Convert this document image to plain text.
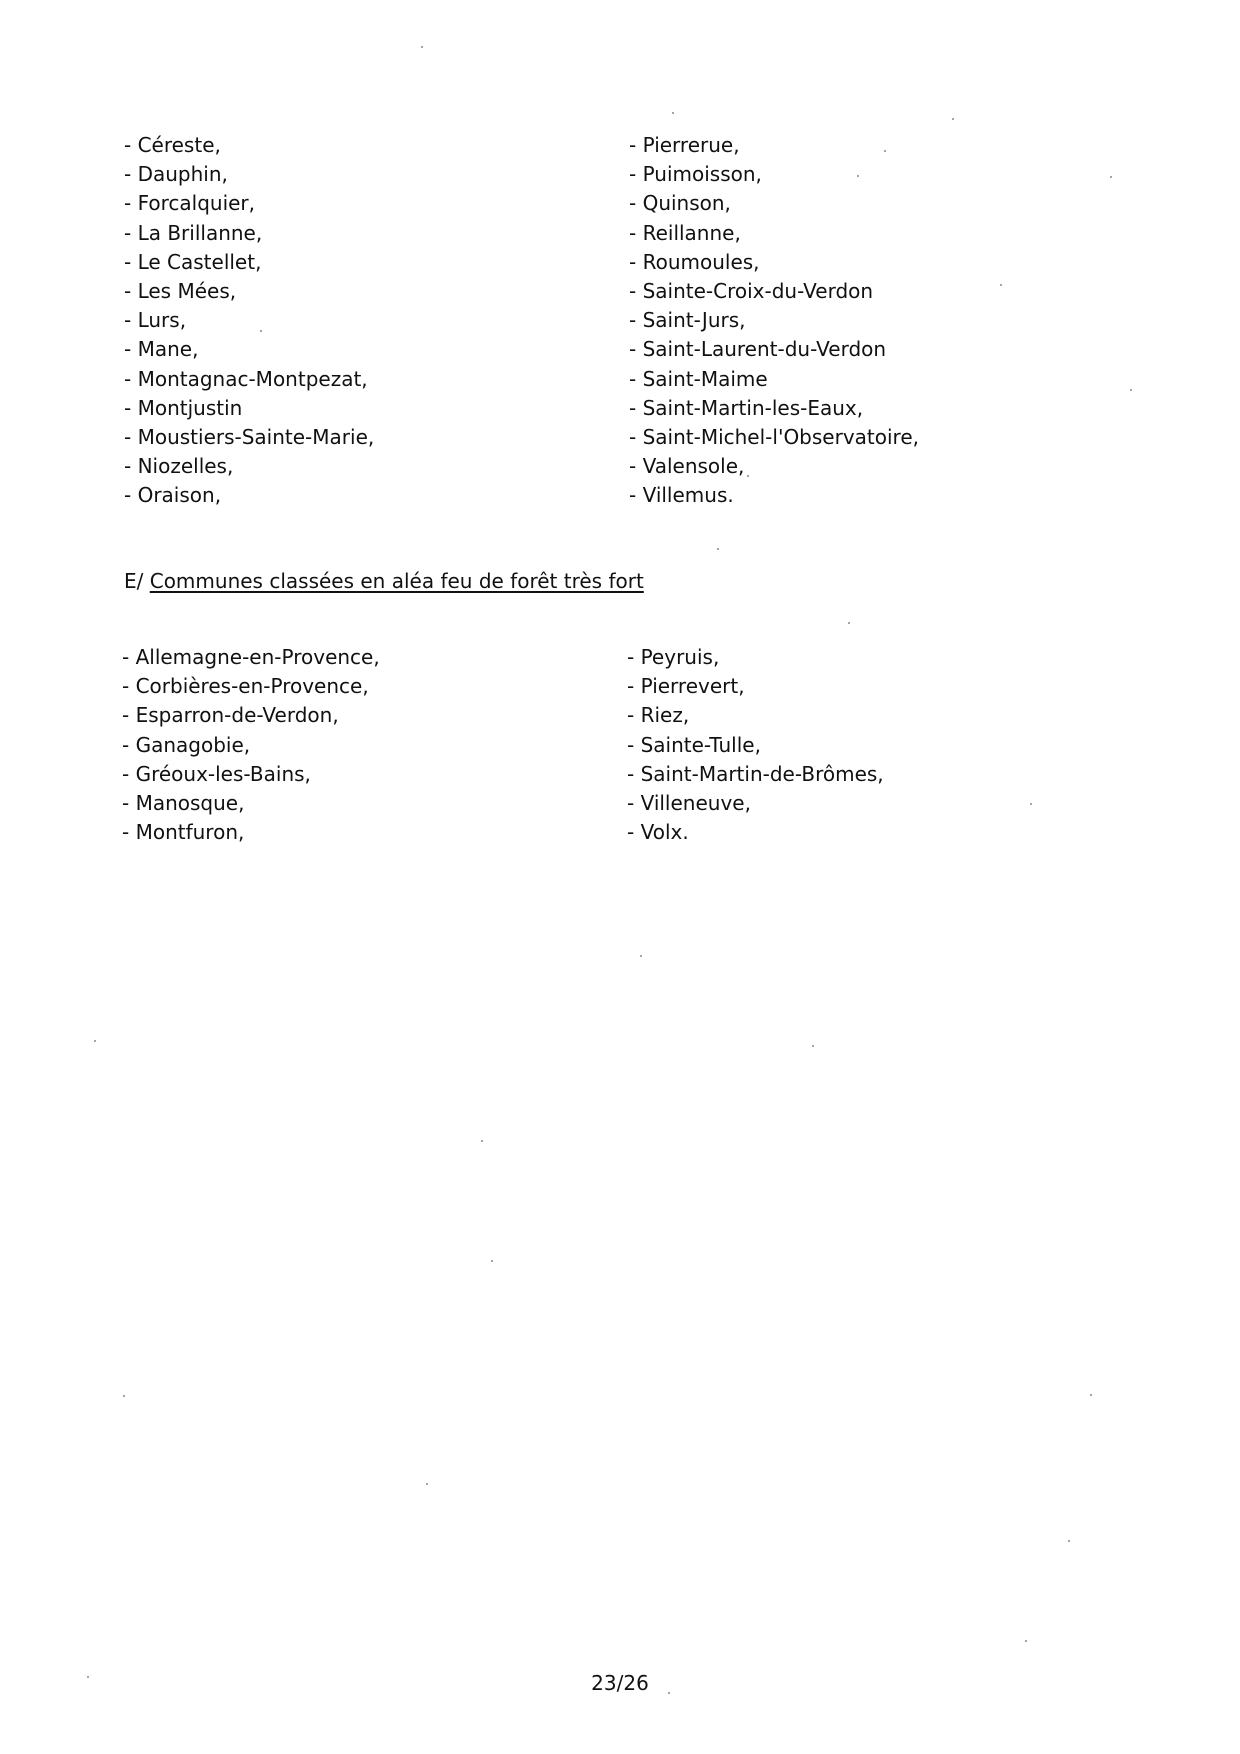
- Céreste,
- Dauphin,
- Forcalquier,
- La Brillanne,
- Le Castellet,
- Les Mées,
- Lurs,
- Mane,
- Montagnac-Montpezat,
- Montjustin
- Moustiers-Sainte-Marie,
- Niozelles,
- Oraison,
- Pierrerue,
- Puimoisson,
- Quinson,
- Reillanne,
- Roumoules,
- Sainte-Croix-du-Verdon
- Saint-Jurs,
- Saint-Laurent-du-Verdon
- Saint-Maime
- Saint-Martin-les-Eaux,
- Saint-Michel-l'Observatoire,
- Valensole,
- Villemus.
E/ Communes classées en aléa feu de forêt très fort
- Allemagne-en-Provence,
- Corbières-en-Provence,
- Esparron-de-Verdon,
- Ganagobie,
- Gréoux-les-Bains,
- Manosque,
- Montfuron,
- Peyruis,
- Pierrevert,
- Riez,
- Sainte-Tulle,
- Saint-Martin-de-Brômes,
- Villeneuve,
- Volx.
23/26
